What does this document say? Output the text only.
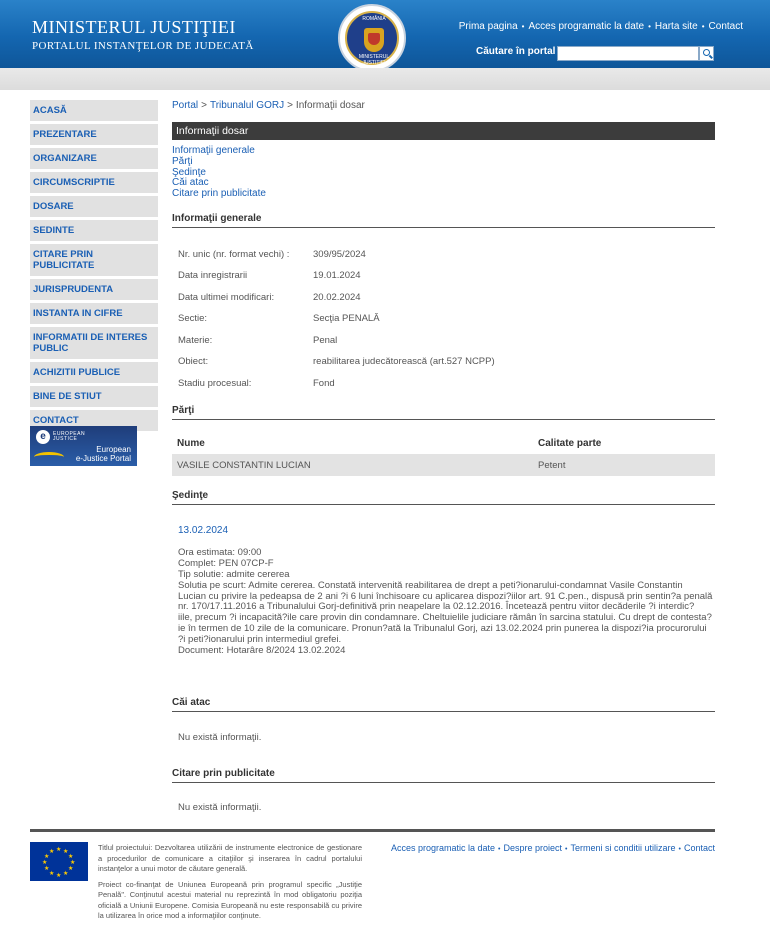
MINISTERUL JUSTIŢIEI
PORTALUL INSTANŢELOR DE JUDECATĂ
ROMÂNIA
MINISTERUL JUSTIŢIEI
Prima pagina • Acces programatic la date • Harta site • Contact
Căutare în portal
ACASĂ
PREZENTARE
ORGANIZARE
CIRCUMSCRIPTIE
DOSARE
SEDINTE
CITARE PRIN PUBLICITATE
JURISPRUDENTA
INSTANTA IN CIFRE
INFORMATII DE INTERES PUBLIC
ACHIZITII PUBLICE
BINE DE STIUT
CONTACT
e	EUROPEAN
JUSTICE
European
e-Justice Portal
Portal > Tribunalul GORJ > Informaţii dosar
Informaţii dosar
Informaţii generale
Părţi
Şedinţe
Căi atac
Citare prin publicitate
Informaţii generale
Nr. unic (nr. format vechi) :	309/95/2024
Data inregistrarii	19.01.2024
Data ultimei modificari:	20.02.2024
Sectie:	Secţia PENALĂ
Materie:	Penal
Obiect:	reabilitarea judecătorească (art.527 NCPP)
Stadiu procesual:	Fond
Părţi
Nume	Calitate parte
VASILE CONSTANTIN LUCIAN	Petent
Şedinţe
13.02.2024
Ora estimata: 09:00
Complet: PEN 07CP-F
Tip solutie: admite cererea
Solutia pe scurt: Admite cererea. Constată intervenită reabilitarea de drept a peti?ionarului-condamnat Vasile Constantin
Lucian cu privire la pedeapsa de 2 ani ?i 6 luni închisoare cu aplicarea dispozi?iilor art. 91 C.pen., dispusă prin sentin?a penală
nr. 170/17.11.2016 a Tribunalului Gorj-definitivă prin neapelare la 02.12.2016. Încetează pentru viitor decăderile ?i interdic?
iile, precum ?i incapacită?ile care provin din condamnare. Cheltuielile judiciare rămân în sarcina statului. Cu drept de contesta?
ie în termen de 10 zile de la comunicare. Pronun?ată la Tribunalul Gorj, azi 13.02.2024 prin punerea la dispozi?ia procurorului
?i peti?ionarului prin intermediul grefei.
Document: Hotarâre 8/2024 13.02.2024
Căi atac
Nu există informaţii.
Citare prin publicitate
Nu există informaţii.
★ ★
★
★
★
★
★
★
★
★
★
★	Titlul proiectului: Dezvoltarea utilizării de instrumente electronice de gestionare a procedurilor de comunicare a citaţiilor şi inserarea în cadrul portalului instanţelor a unui motor de căutare generală.

Proiect co-finanţat de Uniunea Europeană prin programul specific „Justiţie Penală". Conţinutul acestui material nu reprezintă în mod obligatoriu poziţia oficială a Uniunii Europene. Comisia Europeană nu este responsabilă cu privire la utilizarea în orice mod a informaţiilor conţinute.

Acces programatic la date • Despre proiect • Termeni si conditii utilizare • Contact
